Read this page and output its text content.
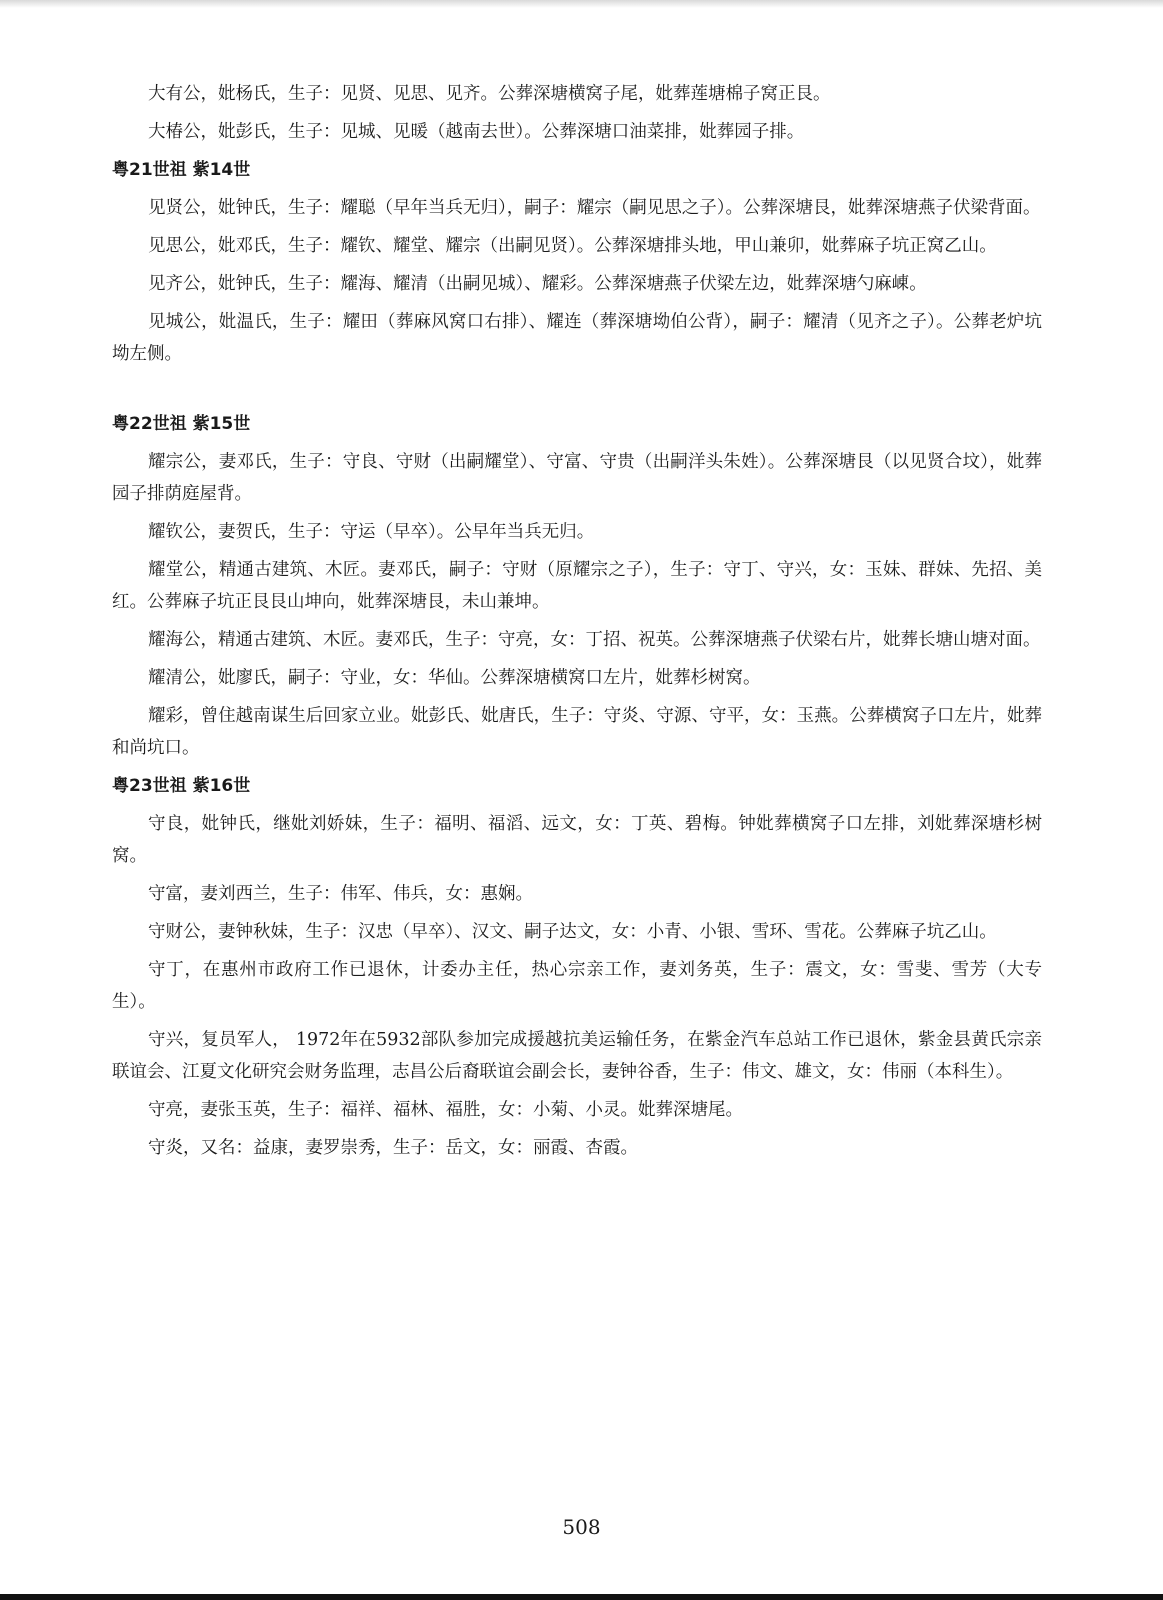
大有公，妣杨氏，生子：见贤、见思、见齐。公葬深塘横窝子尾，妣葬莲塘棉子窝正艮。

大椿公，妣彭氏，生子：见城、见暖（越南去世）。公葬深塘口油菜排，妣葬园子排。

粤21世祖 紫14世

见贤公，妣钟氏，生子：耀聪（早年当兵无归），嗣子：耀宗（嗣见思之子）。公葬深塘艮，妣葬深塘燕子伏梁背面。

见思公，妣邓氏，生子：耀钦、耀堂、耀宗（出嗣见贤）。公葬深塘排头地，甲山兼卯，妣葬麻子坑正窝乙山。

见齐公，妣钟氏，生子：耀海、耀清（出嗣见城）、耀彩。公葬深塘燕子伏梁左边，妣葬深塘勺麻崠。

见城公，妣温氏，生子：耀田（葬麻风窝口右排）、耀连（葬深塘坳伯公背），嗣子：耀清（见齐之子）。公葬老炉坑坳左侧。

粤22世祖 紫15世

耀宗公，妻邓氏，生子：守良、守财（出嗣耀堂）、守富、守贵（出嗣洋头朱姓）。公葬深塘艮（以见贤合坟），妣葬园子排荫庭屋背。

耀钦公，妻贺氏，生子：守运（早卒）。公早年当兵无归。

耀堂公，精通古建筑、木匠。妻邓氏，嗣子：守财（原耀宗之子），生子：守丁、守兴，女：玉妹、群妹、先招、美红。公葬麻子坑正艮艮山坤向，妣葬深塘艮，未山兼坤。

耀海公，精通古建筑、木匠。妻邓氏，生子：守亮，女：丁招、祝英。公葬深塘燕子伏梁右片，妣葬长塘山塘对面。

耀清公，妣廖氏，嗣子：守业，女：华仙。公葬深塘横窝口左片，妣葬杉树窝。

耀彩，曾住越南谋生后回家立业。妣彭氏、妣唐氏，生子：守炎、守源、守平，女：玉燕。公葬横窝子口左片，妣葬和尚坑口。

粤23世祖 紫16世

守良，妣钟氏，继妣刘娇妹，生子：福明、福滔、远文，女：丁英、碧梅。钟妣葬横窝子口左排，刘妣葬深塘杉树窝。

守富，妻刘西兰，生子：伟军、伟兵，女：惠娴。

守财公，妻钟秋妹，生子：汉忠（早卒）、汉文、嗣子达文，女：小青、小银、雪环、雪花。公葬麻子坑乙山。

守丁，在惠州市政府工作已退休，计委办主任，热心宗亲工作，妻刘务英，生子：震文，女：雪斐、雪芳（大专生）。

守兴，复员军人， 1972年在5932部队参加完成援越抗美运输任务，在紫金汽车总站工作已退休，紫金县黄氏宗亲联谊会、江夏文化研究会财务监理，志昌公后裔联谊会副会长，妻钟谷香，生子：伟文、雄文，女：伟丽（本科生）。

守亮，妻张玉英，生子：福祥、福林、福胜，女：小菊、小灵。妣葬深塘尾。

守炎，又名：益康，妻罗崇秀，生子：岳文，女：丽霞、杏霞。

508
